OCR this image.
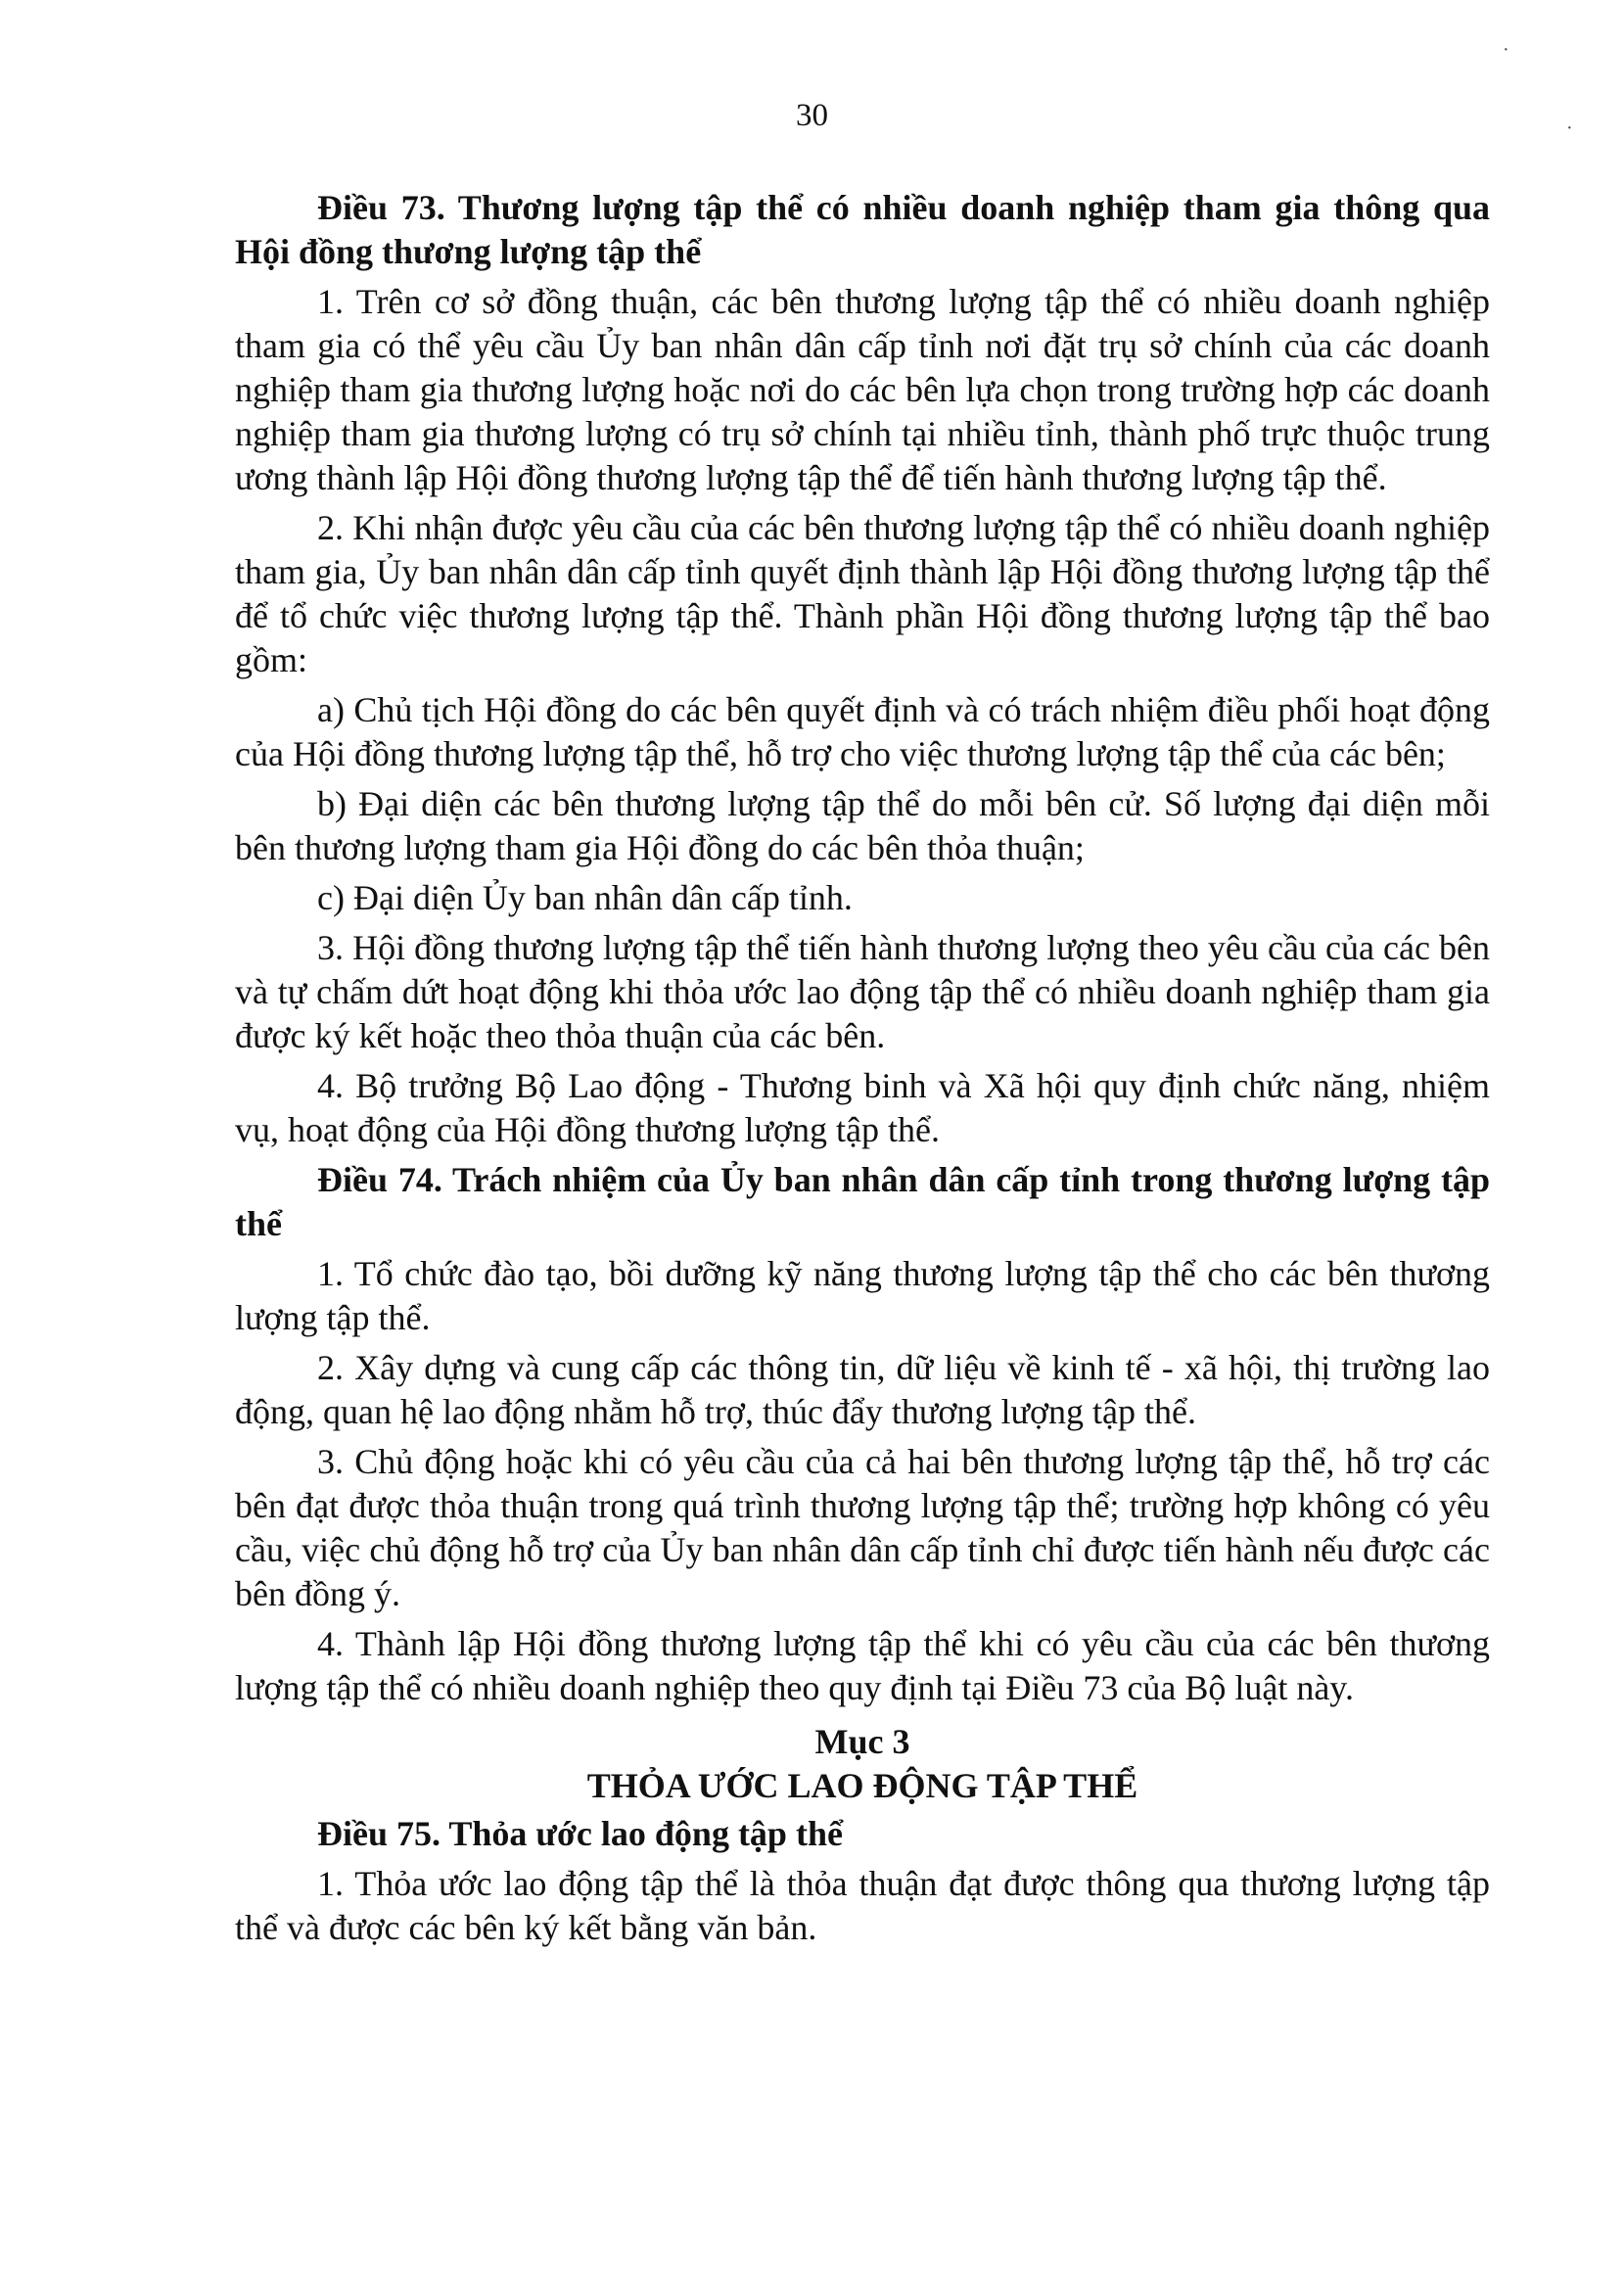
30
·
·

Điều 73. Thương lượng tập thể có nhiều doanh nghiệp tham gia thông qua Hội đồng thương lượng tập thể

1. Trên cơ sở đồng thuận, các bên thương lượng tập thể có nhiều doanh nghiệp tham gia có thể yêu cầu Ủy ban nhân dân cấp tỉnh nơi đặt trụ sở chính của các doanh nghiệp tham gia thương lượng hoặc nơi do các bên lựa chọn trong trường hợp các doanh nghiệp tham gia thương lượng có trụ sở chính tại nhiều tỉnh, thành phố trực thuộc trung ương thành lập Hội đồng thương lượng tập thể để tiến hành thương lượng tập thể.

2. Khi nhận được yêu cầu của các bên thương lượng tập thể có nhiều doanh nghiệp tham gia, Ủy ban nhân dân cấp tỉnh quyết định thành lập Hội đồng thương lượng tập thể để tổ chức việc thương lượng tập thể. Thành phần Hội đồng thương lượng tập thể bao gồm:

a) Chủ tịch Hội đồng do các bên quyết định và có trách nhiệm điều phối hoạt động của Hội đồng thương lượng tập thể, hỗ trợ cho việc thương lượng tập thể của các bên;

b) Đại diện các bên thương lượng tập thể do mỗi bên cử. Số lượng đại diện mỗi bên thương lượng tham gia Hội đồng do các bên thỏa thuận;

c) Đại diện Ủy ban nhân dân cấp tỉnh.

3. Hội đồng thương lượng tập thể tiến hành thương lượng theo yêu cầu của các bên và tự chấm dứt hoạt động khi thỏa ước lao động tập thể có nhiều doanh nghiệp tham gia được ký kết hoặc theo thỏa thuận của các bên.

4. Bộ trưởng Bộ Lao động - Thương binh và Xã hội quy định chức năng, nhiệm vụ, hoạt động của Hội đồng thương lượng tập thể.

Điều 74. Trách nhiệm của Ủy ban nhân dân cấp tỉnh trong thương lượng tập thể

1. Tổ chức đào tạo, bồi dưỡng kỹ năng thương lượng tập thể cho các bên thương lượng tập thể.

2. Xây dựng và cung cấp các thông tin, dữ liệu về kinh tế - xã hội, thị trường lao động, quan hệ lao động nhằm hỗ trợ, thúc đẩy thương lượng tập thể.

3. Chủ động hoặc khi có yêu cầu của cả hai bên thương lượng tập thể, hỗ trợ các bên đạt được thỏa thuận trong quá trình thương lượng tập thể; trường hợp không có yêu cầu, việc chủ động hỗ trợ của Ủy ban nhân dân cấp tỉnh chỉ được tiến hành nếu được các bên đồng ý.

4. Thành lập Hội đồng thương lượng tập thể khi có yêu cầu của các bên thương lượng tập thể có nhiều doanh nghiệp theo quy định tại Điều 73 của Bộ luật này.

Mục 3

THỎA ƯỚC LAO ĐỘNG TẬP THỂ

Điều 75. Thỏa ước lao động tập thể

1. Thỏa ước lao động tập thể là thỏa thuận đạt được thông qua thương lượng tập thể và được các bên ký kết bằng văn bản.
